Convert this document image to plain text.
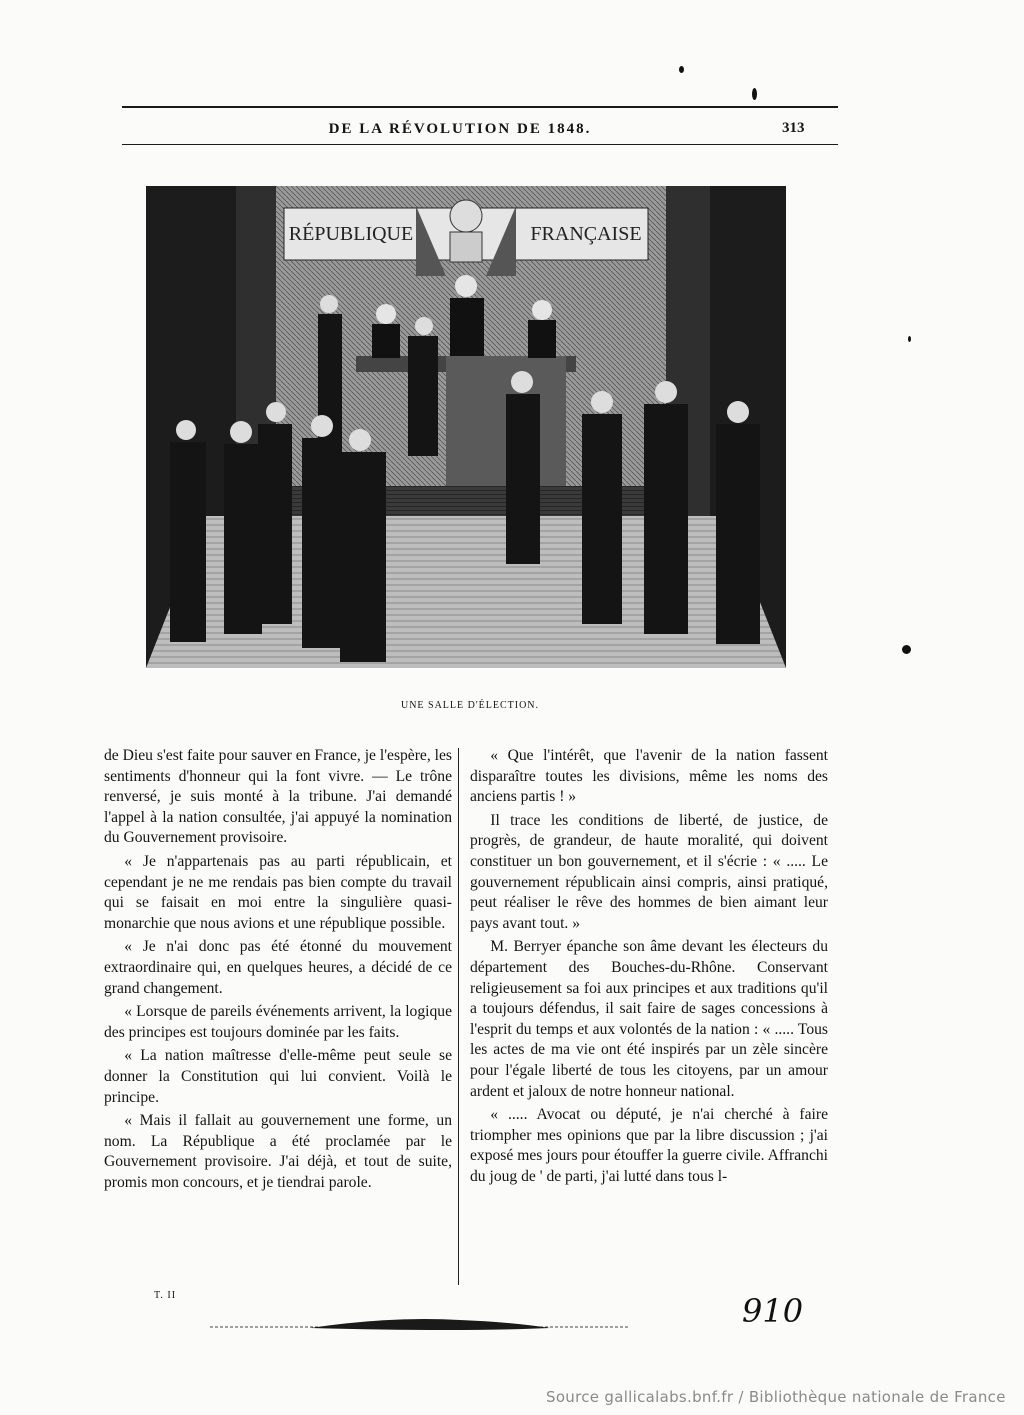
DE LA RÉVOLUTION DE 1848.	313
RÉPUBLIQUE	FRANÇAISE
UNE SALLE D'ÉLECTION.

de Dieu s'est faite pour sauver en France, je l'espère, les sentiments d'honneur qui la font vivre. — Le trône renversé, je suis monté à la tribune. J'ai demandé l'appel à la nation consultée, j'ai appuyé la nomination du Gouvernement provisoire.

« Je n'appartenais pas au parti républicain, et cependant je ne me rendais pas bien compte du travail qui se faisait en moi entre la singulière quasi-monarchie que nous avions et une république possible.

« Je n'ai donc pas été étonné du mouvement extraordinaire qui, en quelques heures, a décidé de ce grand changement.

« Lorsque de pareils événements arrivent, la logique des principes est toujours dominée par les faits.

« La nation maîtresse d'elle-même peut seule se donner la Constitution qui lui convient. Voilà le principe.

« Mais il fallait au gouvernement une forme, un nom. La République a été proclamée par le Gouvernement provisoire. J'ai déjà, et tout de suite, promis mon concours, et je tiendrai parole.

« Que l'intérêt, que l'avenir de la nation fassent disparaître toutes les divisions, même les noms des anciens partis ! »

Il trace les conditions de liberté, de justice, de progrès, de grandeur, de haute moralité, qui doivent constituer un bon gouvernement, et il s'écrie : « ..... Le gouvernement républicain ainsi compris, ainsi pratiqué, peut réaliser le rêve des hommes de bien aimant leur pays avant tout. »

M. Berryer épanche son âme devant les électeurs du département des Bouches-du-Rhône. Conservant religieusement sa foi aux principes et aux traditions qu'il a toujours défendus, il sait faire de sages concessions à l'esprit du temps et aux volontés de la nation : « ..... Tous les actes de ma vie ont été inspirés par un zèle sincère pour l'égale liberté de tous les citoyens, par un amour ardent et jaloux de notre honneur national.

« ..... Avocat ou député, je n'ai cherché à faire triompher mes opinions que par la libre discussion ; j'ai exposé mes jours pour étouffer la guerre civile. Affranchi du joug de ' de parti, j'ai lutté dans tous l-

T. II	910
Source gallicalabs.bnf.fr / Bibliothèque nationale de France
